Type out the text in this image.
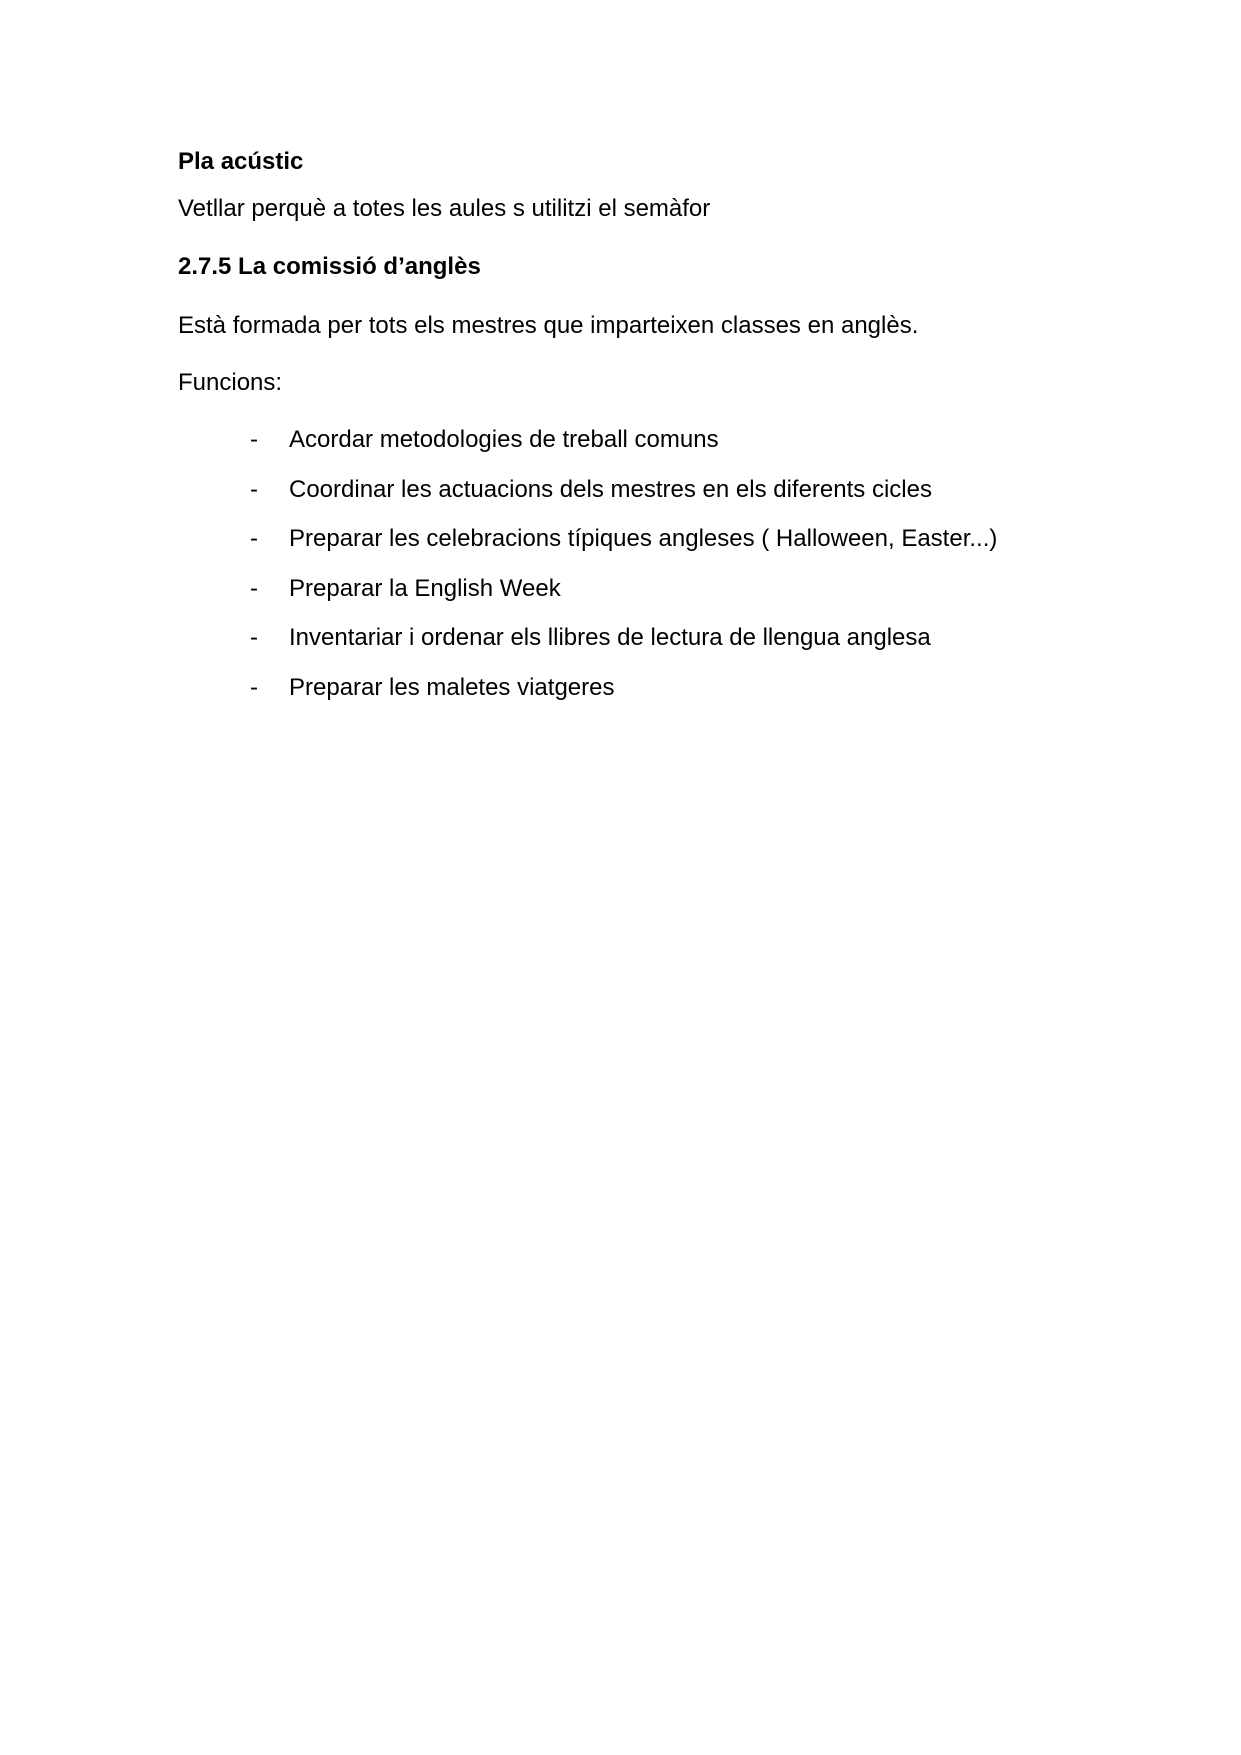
Pla acústic
Vetllar perquè a totes les aules s utilitzi el semàfor
2.7.5 La comissió d’anglès
Està formada per tots els mestres que imparteixen classes en anglès.
Funcions:
- Acordar metodologies de treball comuns
- Coordinar les actuacions dels mestres en els diferents cicles
- Preparar les celebracions típiques angleses ( Halloween, Easter...)
- Preparar la English Week
- Inventariar i ordenar els llibres de lectura de llengua anglesa
- Preparar les maletes viatgeres
